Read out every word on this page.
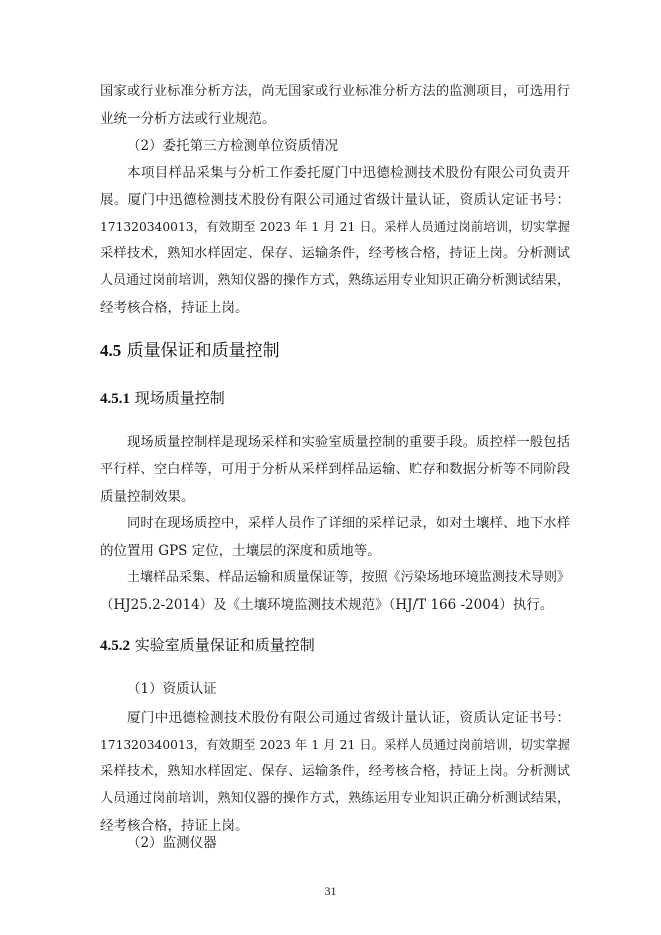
国家或行业标准分析方法，尚无国家或行业标准分析方法的监测项目，可选用行
业统一分析方法或行业规范。
（2）委托第三方检测单位资质情况
本项目样品采集与分析工作委托厦门中迅德检测技术股份有限公司负责开
展。厦门中迅德检测技术股份有限公司通过省级计量认证，资质认定证书号：
171320340013，有效期至 2023 年 1 月 21 日。采样人员通过岗前培训，切实掌握
采样技术，熟知水样固定、保存、运输条件，经考核合格，持证上岗。分析测试
人员通过岗前培训，熟知仪器的操作方式，熟练运用专业知识正确分析测试结果，
经考核合格，持证上岗。
4.5 质量保证和质量控制
4.5.1 现场质量控制
现场质量控制样是现场采样和实验室质量控制的重要手段。质控样一般包括
平行样、空白样等，可用于分析从采样到样品运输、贮存和数据分析等不同阶段
质量控制效果。
同时在现场质控中，采样人员作了详细的采样记录，如对土壤样、地下水样
的位置用 GPS 定位，土壤层的深度和质地等。
土壤样品采集、样品运输和质量保证等，按照《污染场地环境监测技术导则》
（HJ25.2-2014）及《土壤环境监测技术规范》（HJ/T 166 -2004）执行。
4.5.2 实验室质量保证和质量控制
（1）资质认证
厦门中迅德检测技术股份有限公司通过省级计量认证，资质认定证书号：
171320340013，有效期至 2023 年 1 月 21 日。采样人员通过岗前培训，切实掌握
采样技术，熟知水样固定、保存、运输条件，经考核合格，持证上岗。分析测试
人员通过岗前培训，熟知仪器的操作方式，熟练运用专业知识正确分析测试结果，
经考核合格，持证上岗。
（2）监测仪器
31
